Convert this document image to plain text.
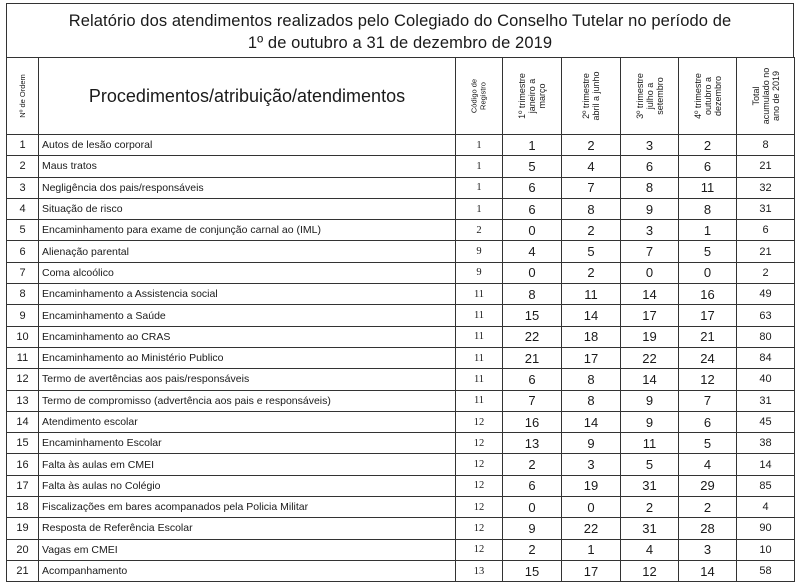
Relatório dos atendimentos realizados pelo Colegiado do Conselho Tutelar no período de
1º de outubro a 31 de dezembro de 2019
Nº de Ordem	Procedimentos/atribuição/atendimentos	Código de
Registro	1º trimestre
janeiro a
março	2º trimestre
abril a junho	3º trimestre
julho a
setembro	4º trimestre
outubro a
dezembro	Total
acumulado no
ano de 2019

1	Autos de lesão corporal	1	1	2	3	2	8
2	Maus tratos	1	5	4	6	6	21
3	Negligência dos pais/responsáveis	1	6	7	8	11	32
4	Situação de risco	1	6	8	9	8	31
5	Encaminhamento para exame de conjunção carnal ao (IML)	2	0	2	3	1	6
6	Alienação parental	9	4	5	7	5	21
7	Coma alcoólico	9	0	2	0	0	2
8	Encaminhamento a Assistencia social	11	8	11	14	16	49
9	Encaminhamento a Saúde	11	15	14	17	17	63
10	Encaminhamento ao CRAS	11	22	18	19	21	80
11	Encaminhamento ao Ministério Publico	11	21	17	22	24	84
12	Termo de avertências aos pais/responsáveis	11	6	8	14	12	40
13	Termo de compromisso (advertência aos pais e responsáveis)	11	7	8	9	7	31
14	Atendimento escolar	12	16	14	9	6	45
15	Encaminhamento Escolar	12	13	9	11	5	38
16	Falta às aulas em CMEI	12	2	3	5	4	14
17	Falta às aulas no Colégio	12	6	19	31	29	85
18	Fiscalizações em bares acompanados pela Policia Militar	12	0	0	2	2	4
19	Resposta de Referência Escolar	12	9	22	31	28	90
20	Vagas em CMEI	12	2	1	4	3	10
21	Acompanhamento	13	15	17	12	14	58
